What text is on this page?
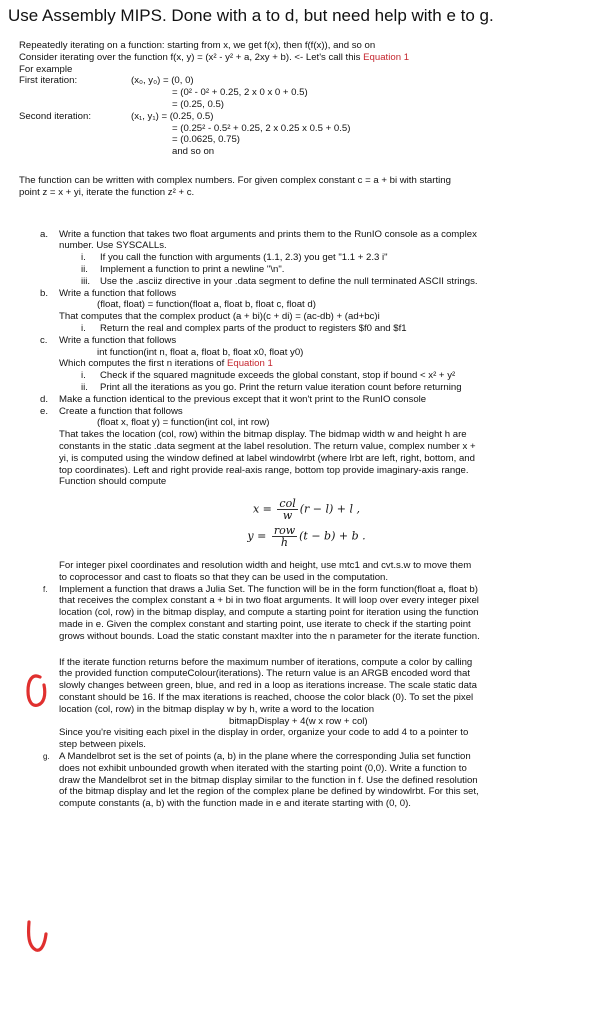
Use Assembly MIPS. Done with a to d, but need help with e to g.
Repeatedly iterating on a function: starting from x, we get f(x), then f(f(x)), and so on
Consider iterating over the function f(x, y) = (x² - y² + a, 2xy + b). <- Let's call this Equation 1
For example
First iteration:	(x₀, y₀) = (0, 0)
= (0² - 0² + 0.25, 2 x 0 x 0 + 0.5)
= (0.25, 0.5)
Second iteration:	(x₁, y₁) = (0.25, 0.5)
= (0.25² - 0.5² + 0.25, 2 x 0.25 x 0.5 + 0.5)
= (0.0625, 0.75)
and so on
The function can be written with complex numbers. For given complex constant c = a + bi with starting
point z = x + yi, iterate the function z² + c.
a. Write a function that takes two float arguments and prints them to the RunIO console as a complex
number. Use SYSCALLs.
i. If you call the function with arguments (1.1, 2.3) you get "1.1 + 2.3 i"
ii. Implement a function to print a newline "\n".
iii. Use the .asciiz directive in your .data segment to define the null terminated ASCII strings.
b. Write a function that follows
(float, float) = function(float a, float b, float c, float d)
That computes that the complex product (a + bi)(c + di) = (ac-db) + (ad+bc)i
i. Return the real and complex parts of the product to registers $f0 and $f1
c. Write a function that follows
int function(int n, float a, float b, float x0, float y0)
Which computes the first n iterations of Equation 1
i. Check if the squared magnitude exceeds the global constant, stop if bound < x² + y²
ii. Print all the iterations as you go. Print the return value iteration count before returning
d. Make a function identical to the previous except that it won't print to the RunIO console
e. Create a function that follows
(float x, float y) = function(int col, int row)
That takes the location (col, row) within the bitmap display. The bidmap width w and height h are
constants in the static .data segment at the label resolution. The return value, complex number x +
yi, is computed using the window defined at label windowlrbt (where lrbt are left, right, bottom, and
top coordinates). Left and right provide real-axis range, bottom top provide imaginary-axis range.
Function should compute
$x = \frac{\text{col}}{w} (r - l) + l$ ,
$y = \frac{\text{row}}{h} (t - b) + b$ .
For integer pixel coordinates and resolution width and height, use mtc1 and cvt.s.w to move them
to coprocessor and cast to floats so that they can be used in the computation.
f. Implement a function that draws a Julia Set. The function will be in the form function(float a, float b)
that receives the complex constant a + bi in two float arguments. It will loop over every integer pixel
location (col, row) in the bitmap display, and compute a starting point for iteration using the function
made in e. Given the complex constant and starting point, use iterate to check if the starting point
grows without bounds. Load the static constant maxIter into the n parameter for the iterate function.
If the iterate function returns before the maximum number of iterations, compute a color by calling
the provided function computeColour(iterations). The return value is an ARGB encoded word that
slowly changes between green, blue, and red in a loop as iterations increase. The scale static data
constant should be 16. If the max iterations is reached, choose the color black (0). To set the pixel
location (col, row) in the bitmap display w by h, write a word to the location
bitmapDisplay + 4(w x row + col)
Since you're visiting each pixel in the display in order, organize your code to add 4 to a pointer to
step between pixels.
g. A Mandelbrot set is the set of points (a, b) in the plane where the corresponding Julia set function
does not exhibit unbounded growth when iterated with the starting point (0,0). Write a function to
draw the Mandelbrot set in the bitmap display similar to the function in f. Use the defined resolution
of the bitmap display and let the region of the complex plane be defined by windowlrbt. For this set,
compute constants (a, b) with the function made in e and iterate starting with (0, 0).
